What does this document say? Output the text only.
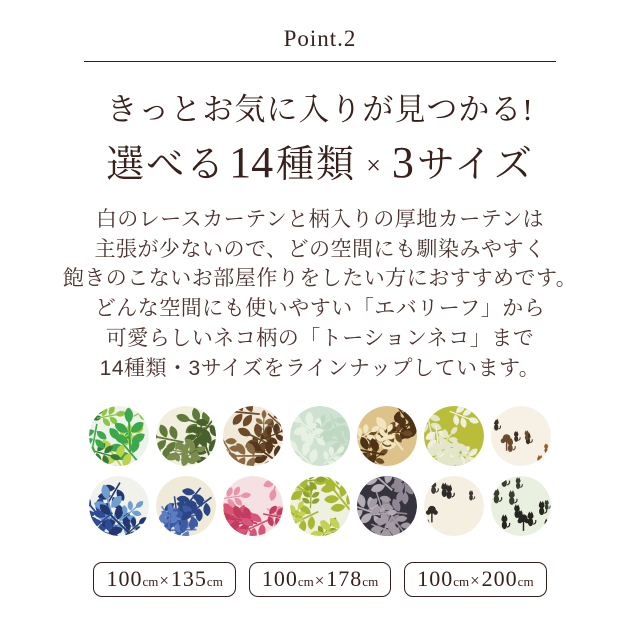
Point.2
きっとお気に入りが見つかる!
選べる14種類 × 3サイズ
白のレースカーテンと柄入りの厚地カーテンは
主張が少ないので、どの空間にも馴染みやすく
飽きのこないお部屋作りをしたい方におすすめです。
どんな空間にも使いやすい「エバリーフ」から
可愛らしいネコ柄の「トーションネコ」まで
14種類・3サイズをラインナップしています。
100 cm × 135 cm 100 cm × 178 cm 100 cm × 200 cm
